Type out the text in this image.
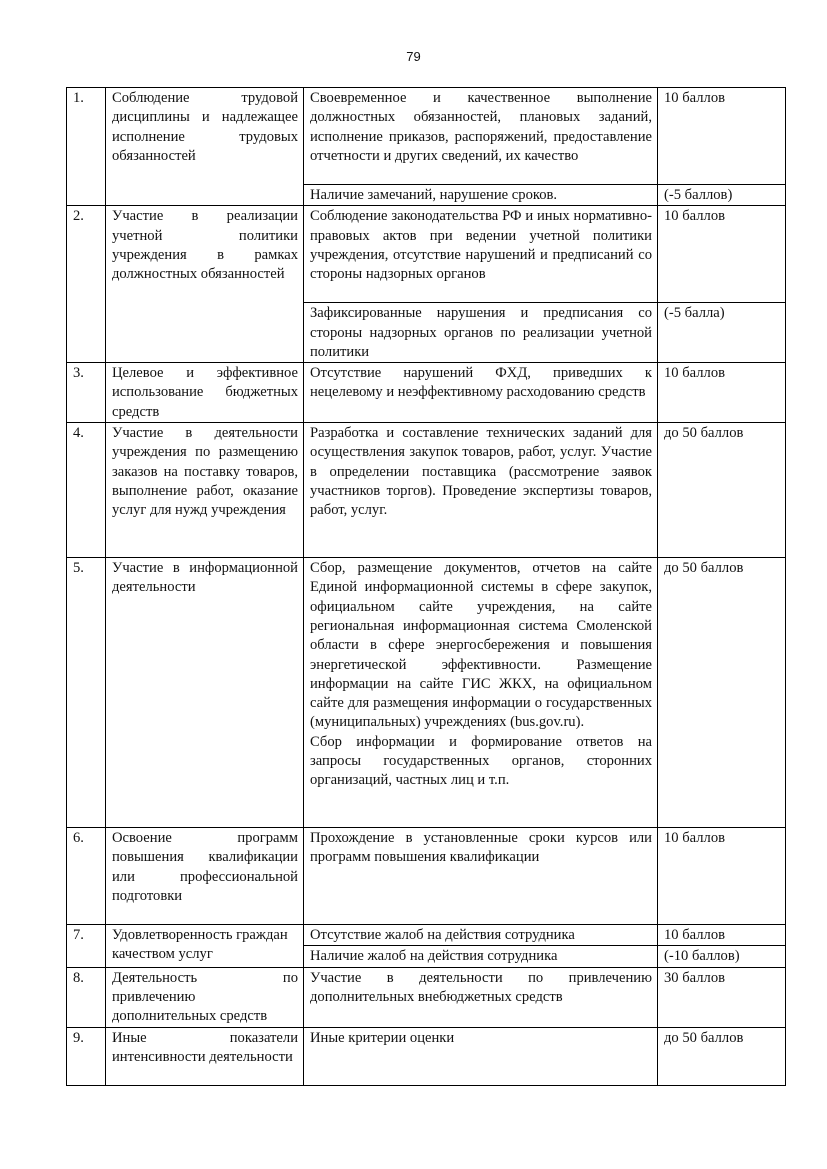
79
1.	Соблюдение трудовой дисциплины и надлежащее исполнение трудовых обязанностей	Своевременное и качественное выполнение должностных обязанностей, плановых заданий, исполнение приказов, распоряжений, предоставление отчетности и других сведений, их качество	10 баллов
		Наличие замечаний, нарушение сроков.	(-5 баллов)
2.	Участие в реализации учетной политики учреждения в рамках должностных обязанностей	Соблюдение законодательства РФ и иных нормативно-правовых актов при ведении учетной политики учреждения, отсутствие нарушений и предписаний со стороны надзорных органов	10 баллов
		Зафиксированные нарушения и предписания со стороны надзорных органов по реализации учетной политики	(-5 балла)
3.	Целевое и эффективное использование бюджетных средств	Отсутствие нарушений ФХД, приведших к нецелевому и неэффективному расходованию средств	10 баллов
4.	Участие в деятельности учреждения по размещению заказов на поставку товаров, выполнение работ, оказание услуг для нужд учреждения	Разработка и составление технических заданий для осуществления закупок товаров, работ, услуг. Участие в определении поставщика (рассмотрение заявок участников торгов). Проведение экспертизы товаров, работ, услуг.	до 50 баллов
5.	Участие в информационной деятельности	Сбор, размещение документов, отчетов на сайте Единой информационной системы в сфере закупок, официальном сайте учреждения, на сайте региональная информационная система Смоленской области в сфере энергосбережения и повышения энергетической эффективности. Размещение информации на сайте ГИС ЖКХ, на официальном сайте для размещения информации о государственных (муниципальных) учреждениях (bus.gov.ru).
Сбор информации и формирование ответов на запросы государственных органов, сторонних организаций, частных лиц и т.п.	до 50 баллов
6.	Освоение программ повышения квалификации или профессиональной подготовки	Прохождение в установленные сроки курсов или программ повышения квалификации	10 баллов
7.	Удовлетворенность граждан качеством услуг	Отсутствие жалоб на действия сотрудника	10 баллов
		Наличие жалоб на действия сотрудника	(-10 баллов)
8.	Деятельность по привлечению дополнительных средств	Участие в деятельности по привлечению дополнительных внебюджетных средств	30 баллов
9.	Иные показатели интенсивности деятельности	Иные критерии оценки	до 50 баллов
